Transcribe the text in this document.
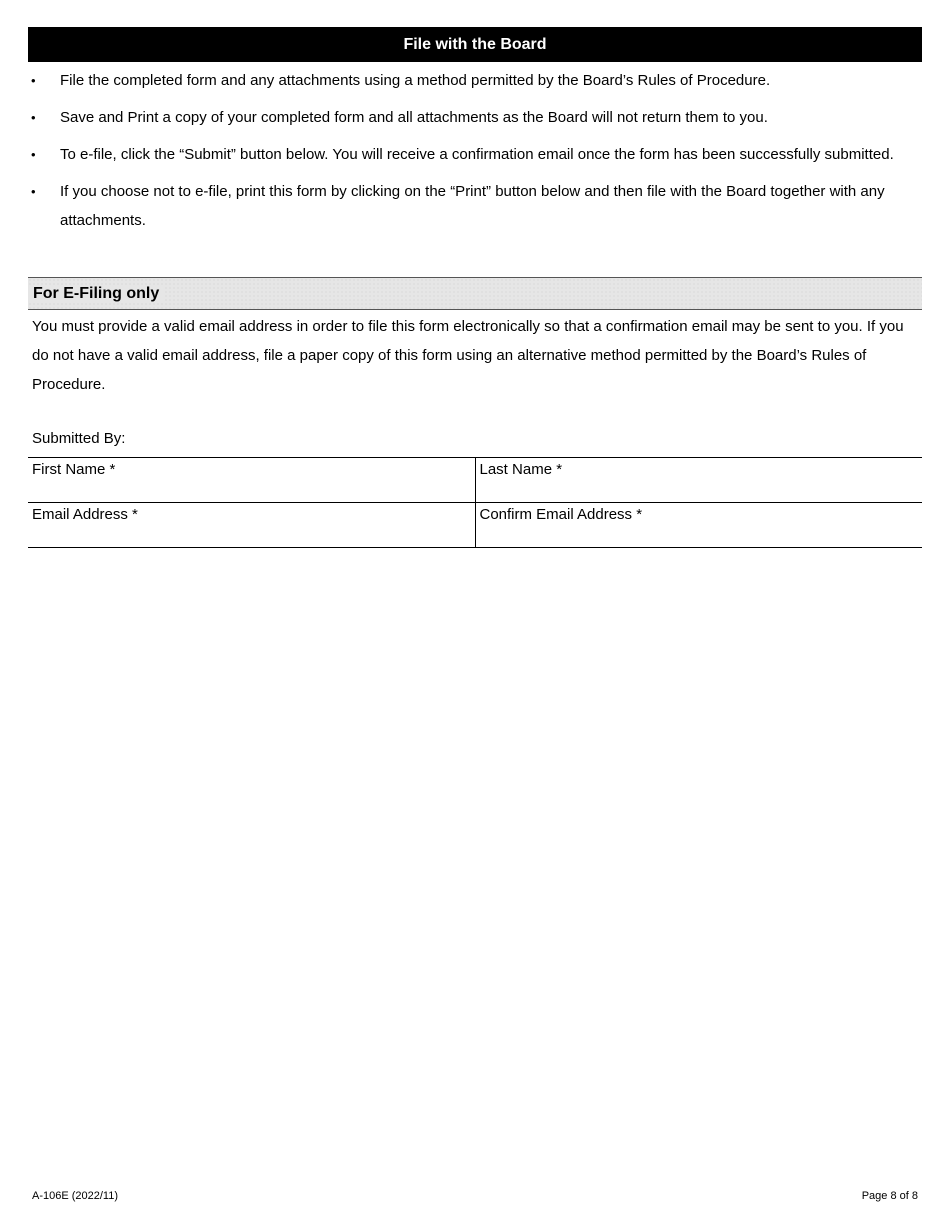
File with the Board
• File the completed form and any attachments using a method permitted by the Board’s Rules of Procedure.
• Save and Print a copy of your completed form and all attachments as the Board will not return them to you.
• To e-file, click the “Submit” button below. You will receive a confirmation email once the form has been successfully submitted.
• If you choose not to e-file, print this form by clicking on the “Print” button below and then file with the Board together with any attachments.
For E-Filing only

You must provide a valid email address in order to file this form electronically so that a confirmation email may be sent to you. If you do not have a valid email address, file a paper copy of this form using an alternative method permitted by the Board’s Rules of Procedure.

Submitted By:
First Name *	Last Name *
Email Address *	Confirm Email Address *
A-106E (2022/11)	Page 8 of 8
